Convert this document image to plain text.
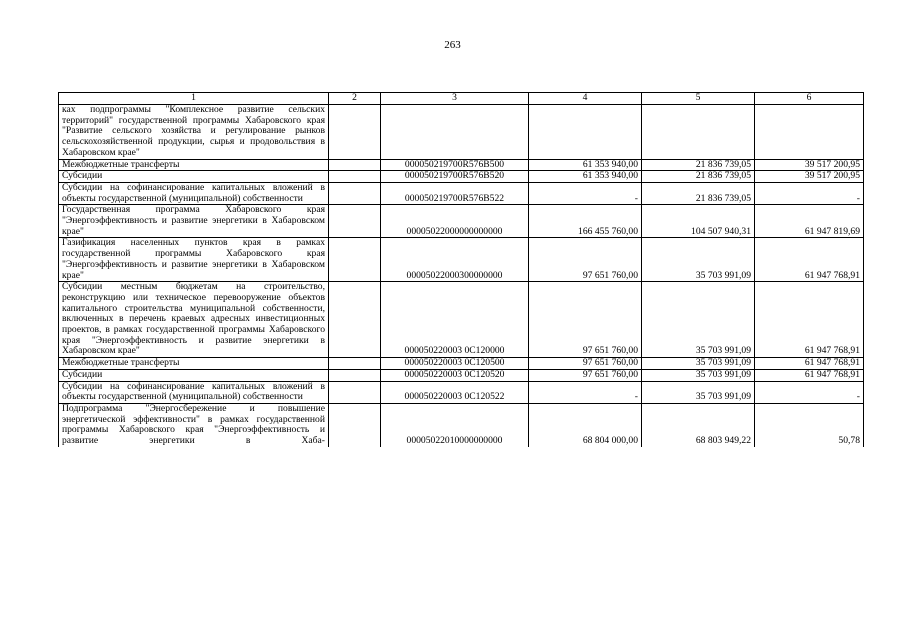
263
1	2	3	4	5	6
ках подпрограммы "Комплексное развитие сельских территорий" государственной программы Хабаровского края "Развитие сельского хозяйства и регулирование рынков сельскохозяйственной продукции, сырья и продовольствия в Хабаровском крае"					
Межбюджетные трансферты		000050219700R576B500	61 353 940,00	21 836 739,05	39 517 200,95
Субсидии		000050219700R576B520	61 353 940,00	21 836 739,05	39 517 200,95
Субсидии на софинансирование капитальных вложений в объекты государственной (муниципальной) собственности		000050219700R576B522	-	21 836 739,05	-
Государственная программа Хабаровского края "Энергоэффективность и развитие энергетики в Хабаровском крае"		00005022000000000000	166 455 760,00	104 507 940,31	61 947 819,69
Газификация населенных пунктов края в рамках государственной программы Хабаровского края "Энергоэффективность и развитие энергетики в Хабаровском крае"		00005022000300000000	97 651 760,00	35 703 991,09	61 947 768,91
Субсидии местным бюджетам на строительство, реконструкцию или техническое перевооружение объектов капитального строительства муниципальной собственности, включенных в перечень краевых адресных инвестиционных проектов, в рамках государственной программы Хабаровского края "Энергоэффективность и развитие энергетики в Хабаровском крае"		000050220003 0C120000	97 651 760,00	35 703 991,09	61 947 768,91
Межбюджетные трансферты		000050220003 0C120500	97 651 760,00	35 703 991,09	61 947 768,91
Субсидии		000050220003 0C120520	97 651 760,00	35 703 991,09	61 947 768,91
Субсидии на софинансирование капитальных вложений в объекты государственной (муниципальной) собственности		000050220003 0C120522	-	35 703 991,09	-
Подпрограмма "Энергосбережение и повышение энергетической эффективности" в рамках государственной программы Хабаровского края "Энергоэффективность и развитие энергетики в Хаба-		00005022010000000000	68 804 000,00	68 803 949,22	50,78
